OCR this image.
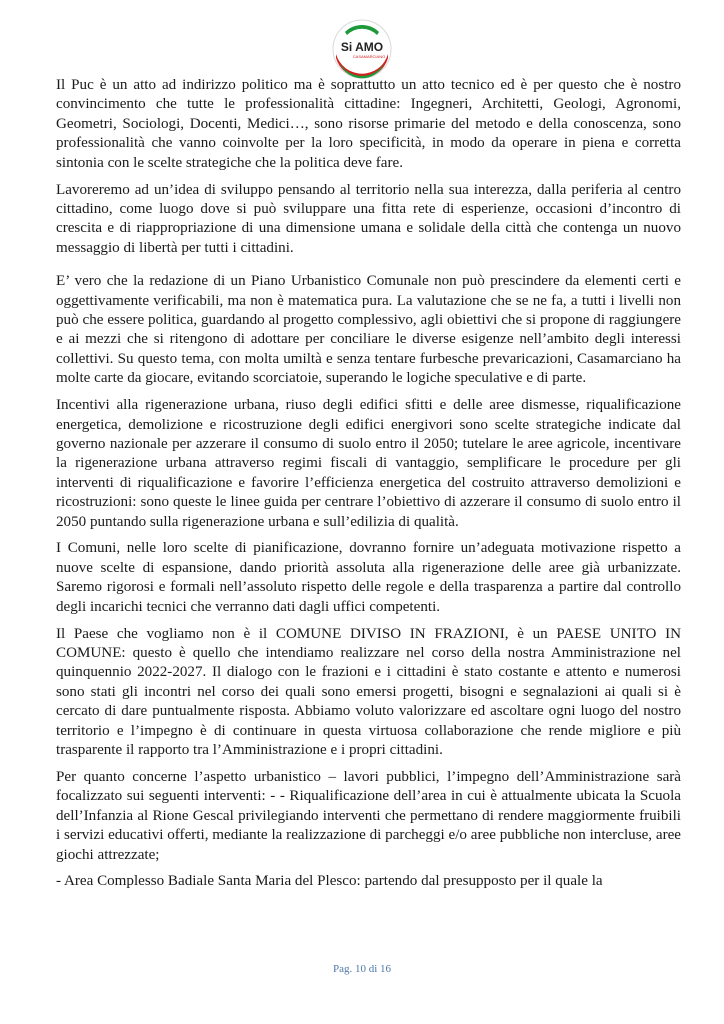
Si AMO
CASAMARCIANO

Il Puc è un atto ad indirizzo politico ma è soprattutto un atto tecnico ed è per questo che è nostro convincimento che tutte le professionalità cittadine: Ingegneri, Architetti, Geologi, Agronomi, Geometri, Sociologi, Docenti, Medici…, sono risorse primarie del metodo e della conoscenza, sono professionalità che vanno coinvolte per la loro specificità, in modo da operare in piena e corretta sintonia con le scelte strategiche che la politica deve fare.

Lavoreremo ad un’idea di sviluppo pensando al territorio nella sua interezza, dalla periferia al centro cittadino, come luogo dove si può sviluppare una fitta rete di esperienze, occasioni d’incontro di crescita e di riappropriazione di una dimensione umana e solidale della città che contenga un nuovo messaggio di libertà per tutti i cittadini.

E’ vero che la redazione di un Piano Urbanistico Comunale non può prescindere da elementi certi e oggettivamente verificabili, ma non è matematica pura. La valutazione che se ne fa, a tutti i livelli non può che essere politica, guardando al progetto complessivo, agli obiettivi che si propone di raggiungere e ai mezzi che si ritengono di adottare per conciliare le diverse esigenze nell’ambito degli interessi collettivi. Su questo tema, con molta umiltà e senza tentare furbesche prevaricazioni, Casamarciano ha molte carte da giocare, evitando scorciatoie, superando le logiche speculative e di parte.

Incentivi alla rigenerazione urbana, riuso degli edifici sfitti e delle aree dismesse, riqualificazione energetica, demolizione e ricostruzione degli edifici energivori sono scelte strategiche indicate dal governo nazionale per azzerare il consumo di suolo entro il 2050; tutelare le aree agricole, incentivare la rigenerazione urbana attraverso regimi fiscali di vantaggio, semplificare le procedure per gli interventi di riqualificazione e favorire l’efficienza energetica del costruito attraverso demolizioni e ricostruzioni: sono queste le linee guida per centrare l’obiettivo di azzerare il consumo di suolo entro il 2050 puntando sulla rigenerazione urbana e sull’edilizia di qualità.

I Comuni, nelle loro scelte di pianificazione, dovranno fornire un’adeguata motivazione rispetto a nuove scelte di espansione, dando priorità assoluta alla rigenerazione delle aree già urbanizzate. Saremo rigorosi e formali nell’assoluto rispetto delle regole e della trasparenza a partire dal controllo degli incarichi tecnici che verranno dati dagli uffici competenti.

Il Paese che vogliamo non è il COMUNE DIVISO IN FRAZIONI, è un PAESE UNITO IN COMUNE: questo è quello che intendiamo realizzare nel corso della nostra Amministrazione nel quinquennio 2022-2027. Il dialogo con le frazioni e i cittadini è stato costante e attento e numerosi sono stati gli incontri nel corso dei quali sono emersi progetti, bisogni e segnalazioni ai quali si è cercato di dare puntualmente risposta. Abbiamo voluto valorizzare ed ascoltare ogni luogo del nostro territorio e l’impegno è di continuare in questa virtuosa collaborazione che rende migliore e più trasparente il rapporto tra l’Amministrazione e i propri cittadini.

Per quanto concerne l’aspetto urbanistico – lavori pubblici, l’impegno dell’Amministrazione sarà focalizzato sui seguenti interventi: - - Riqualificazione dell’area in cui è attualmente ubicata la Scuola dell’Infanzia al Rione Gescal privilegiando interventi che permettano di rendere maggiormente fruibili i servizi educativi offerti, mediante la realizzazione di parcheggi e/o aree pubbliche non intercluse, aree giochi attrezzate;

- Area Complesso Badiale Santa Maria del Plesco: partendo dal presupposto per il quale la

Pag. 10 di 16
